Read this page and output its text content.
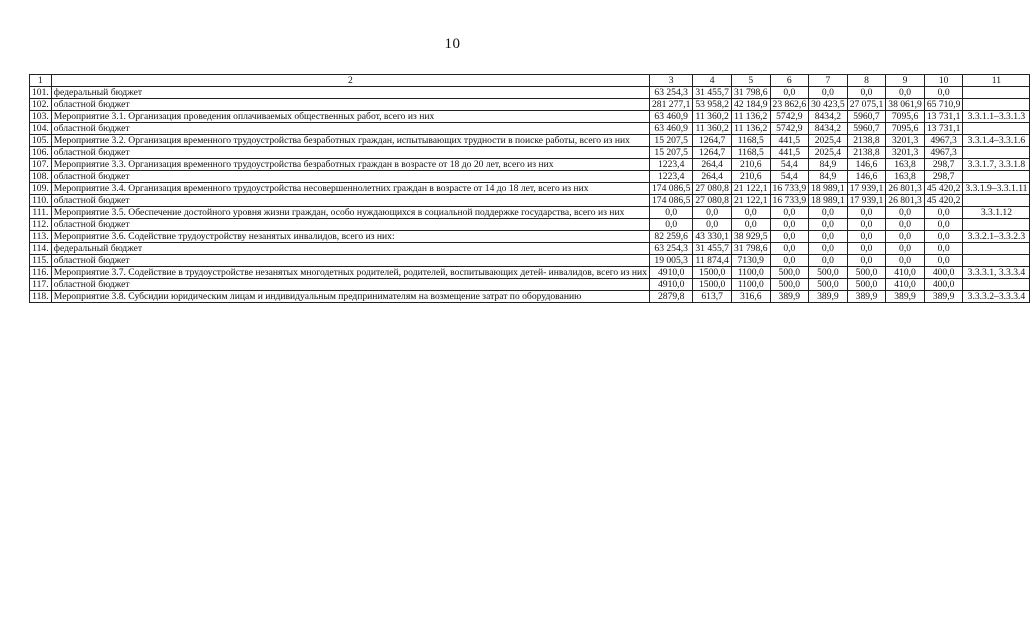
10
1	2	3	4	5	6	7	8	9	10	11
101.	федеральный бюджет	63 254,3	31 455,7	31 798,6	0,0	0,0	0,0	0,0	0,0	
102.	областной бюджет	281 277,1	53 958,2	42 184,9	23 862,6	30 423,5	27 075,1	38 061,9	65 710,9	
103.	Мероприятие 3.1. Организация проведения оплачиваемых общественных работ, всего из них	63 460,9	11 360,2	11 136,2	5742,9	8434,2	5960,7	7095,6	13 731,1	3.3.1.1–3.3.1.3
104.	областной бюджет	63 460,9	11 360,2	11 136,2	5742,9	8434,2	5960,7	7095,6	13 731,1	
105.	Мероприятие 3.2. Организация временного трудоустройства безработных граждан, испытывающих трудности в поиске работы, всего из них	15 207,5	1264,7	1168,5	441,5	2025,4	2138,8	3201,3	4967,3	3.3.1.4–3.3.1.6
106.	областной бюджет	15 207,5	1264,7	1168,5	441,5	2025,4	2138,8	3201,3	4967,3	
107.	Мероприятие 3.3. Организация временного трудоустройства безработных граждан в возрасте от 18 до 20 лет, всего из них	1223,4	264,4	210,6	54,4	84,9	146,6	163,8	298,7	3.3.1.7, 3.3.1.8
108.	областной бюджет	1223,4	264,4	210,6	54,4	84,9	146,6	163,8	298,7	
109.	Мероприятие 3.4. Организация временного трудоустройства несовершеннолетних граждан в возрасте от 14 до 18 лет, всего из них	174 086,5	27 080,8	21 122,1	16 733,9	18 989,1	17 939,1	26 801,3	45 420,2	3.3.1.9–3.3.1.11
110.	областной бюджет	174 086,5	27 080,8	21 122,1	16 733,9	18 989,1	17 939,1	26 801,3	45 420,2	
111.	Мероприятие 3.5. Обеспечение достойного уровня жизни граждан, особо нуждающихся в социальной поддержке государства, всего из них	0,0	0,0	0,0	0,0	0,0	0,0	0,0	0,0	3.3.1.12
112.	областной бюджет	0,0	0,0	0,0	0,0	0,0	0,0	0,0	0,0	
113.	Мероприятие 3.6. Содействие трудоустройству незанятых инвалидов, всего из них:	82 259,6	43 330,1	38 929,5	0,0	0,0	0,0	0,0	0,0	3.3.2.1–3.3.2.3
114.	федеральный бюджет	63 254,3	31 455,7	31 798,6	0,0	0,0	0,0	0,0	0,0	
115.	областной бюджет	19 005,3	11 874,4	7130,9	0,0	0,0	0,0	0,0	0,0	
116.	Мероприятие 3.7. Содействие в трудоустройстве незанятых многодетных родителей, родителей, воспитывающих детей- инвалидов, всего из них	4910,0	1500,0	1100,0	500,0	500,0	500,0	410,0	400,0	3.3.3.1, 3.3.3.4
117.	областной бюджет	4910,0	1500,0	1100,0	500,0	500,0	500,0	410,0	400,0	
118.	Мероприятие 3.8. Субсидии юридическим лицам и индивидуальным предпринимателям на возмещение затрат по оборудованию	2879,8	613,7	316,6	389,9	389,9	389,9	389,9	389,9	3.3.3.2–3.3.3.4
